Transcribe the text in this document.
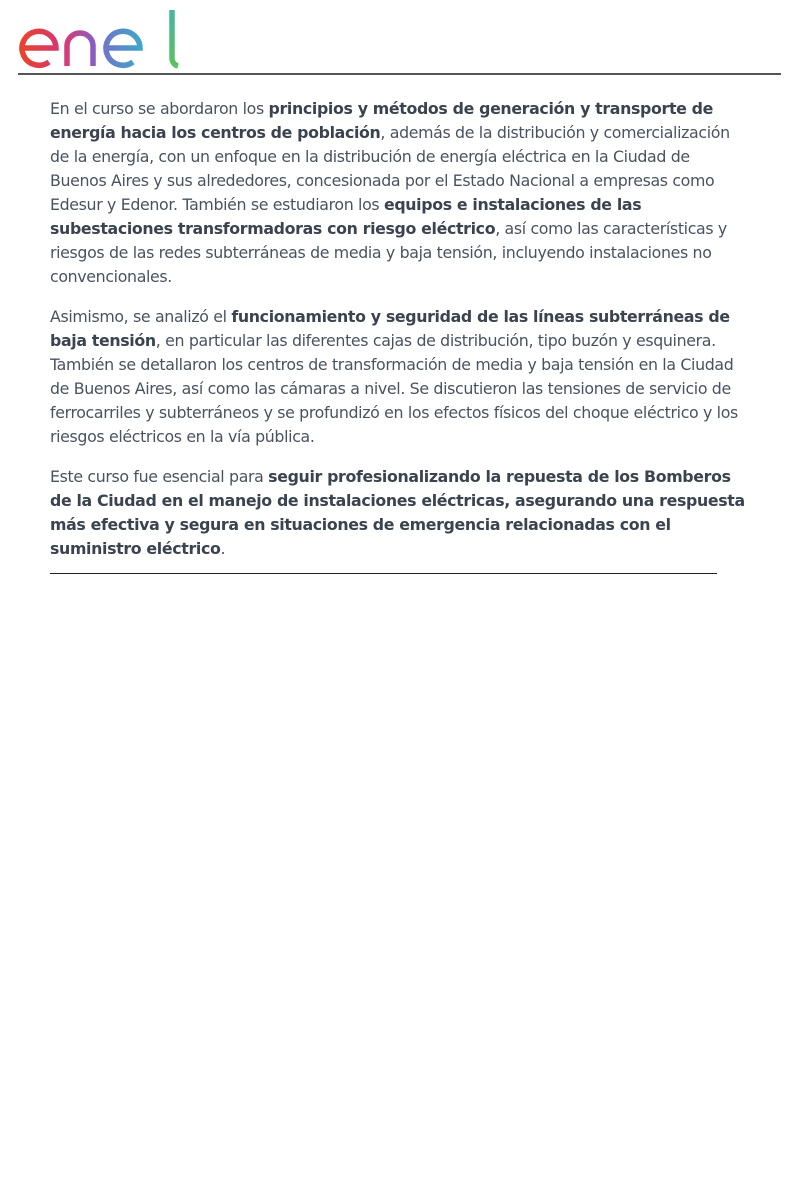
En el curso se abordaron los principios y métodos de generación y transporte de energía hacia los centros de población, además de la distribución y comercialización de la energía, con un enfoque en la distribución de energía eléctrica en la Ciudad de Buenos Aires y sus alrededores, concesionada por el Estado Nacional a empresas como Edesur y Edenor. También se estudiaron los equipos e instalaciones de las subestaciones transformadoras con riesgo eléctrico, así como las características y riesgos de las redes subterráneas de media y baja tensión, incluyendo instalaciones no convencionales.

Asimismo, se analizó el funcionamiento y seguridad de las líneas subterráneas de baja tensión, en particular las diferentes cajas de distribución, tipo buzón y esquinera. También se detallaron los centros de transformación de media y baja tensión en la Ciudad de Buenos Aires, así como las cámaras a nivel. Se discutieron las tensiones de servicio de ferrocarriles y subterráneos y se profundizó en los efectos físicos del choque eléctrico y los riesgos eléctricos en la vía pública.

Este curso fue esencial para seguir profesionalizando la repuesta de los Bomberos de la Ciudad en el manejo de instalaciones eléctricas, asegurando una respuesta más efectiva y segura en situaciones de emergencia relacionadas con el suministro eléctrico.
